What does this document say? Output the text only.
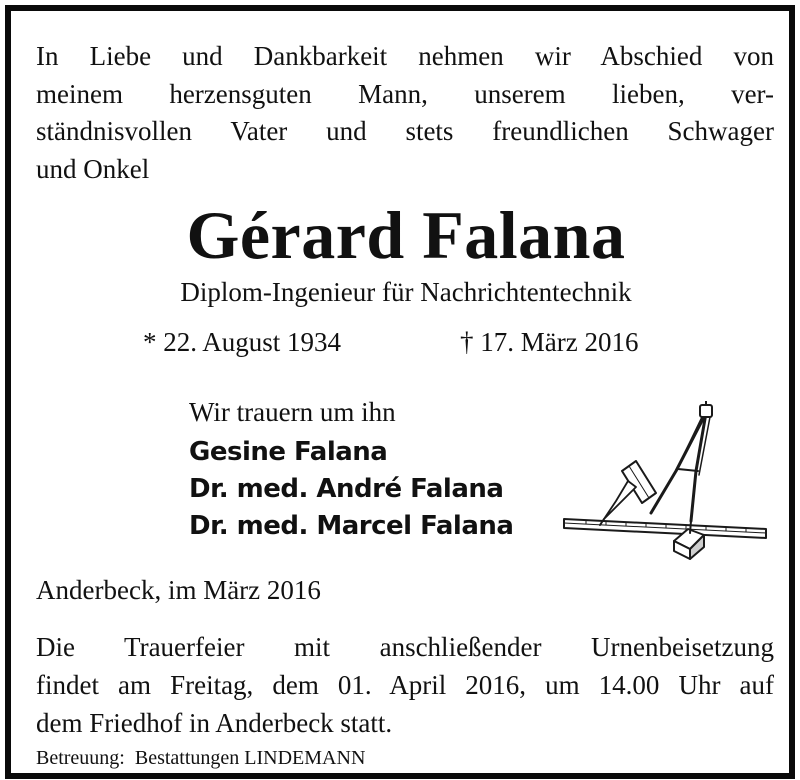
In Liebe und Dankbarkeit nehmen wir Abschied von
meinem herzensguten Mann, unserem lieben, ver-
ständnisvollen Vater und stets freundlichen Schwager
und Onkel
Gérard Falana
Diplom-Ingenieur für Nachrichtentechnik
* 22. August 1934	† 17. März 2016
Wir trauern um ihn
Gesine Falana
Dr. med. André Falana
Dr. med. Marcel Falana
Anderbeck, im März 2016
Die Trauerfeier mit anschließender Urnenbeisetzung
findet am Freitag, dem 01. April 2016, um 14.00 Uhr auf
dem Friedhof in Anderbeck statt.
Betreuung:  Bestattungen LINDEMANN
